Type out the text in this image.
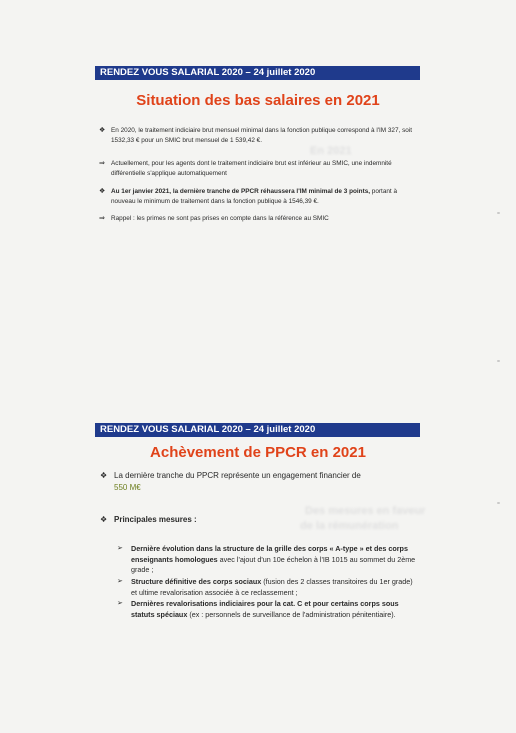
Des mesures en faveur
de la rémunération
En 2021
RENDEZ VOUS SALARIAL 2020 – 24 juillet 2020
Situation des bas salaires en 2021
❖ En 2020, le traitement indiciaire brut mensuel minimal dans la fonction publique correspond à l'IM 327, soit 1532,33 € pour un SMIC brut mensuel de 1 539,42 €.
⇒ Actuellement, pour les agents dont le traitement indiciaire brut est inférieur au SMIC, une indemnité différentielle s'applique automatiquement
❖ Au 1er janvier 2021, la dernière tranche de PPCR réhaussera l'IM minimal de 3 points, portant à nouveau le minimum de traitement dans la fonction publique à 1546,39 €.
⇒ Rappel : les primes ne sont pas prises en compte dans la référence au SMIC
RENDEZ VOUS SALARIAL 2020 – 24 juillet 2020
Achèvement de PPCR en 2021
❖ La dernière tranche du PPCR représente un engagement financier de
550 M€
❖ Principales mesures :
➢ Dernière évolution dans la structure de la grille des corps « A-type » et des corps enseignants homologues avec l'ajout d'un 10e échelon à l'IB 1015 au sommet du 2ème grade ;
➢ Structure définitive des corps sociaux (fusion des 2 classes transitoires du 1er grade) et ultime revalorisation associée à ce reclassement ;
➢ Dernières revalorisations indiciaires pour la cat. C et pour certains corps sous statuts spéciaux (ex : personnels de surveillance de l'administration pénitentiaire).
